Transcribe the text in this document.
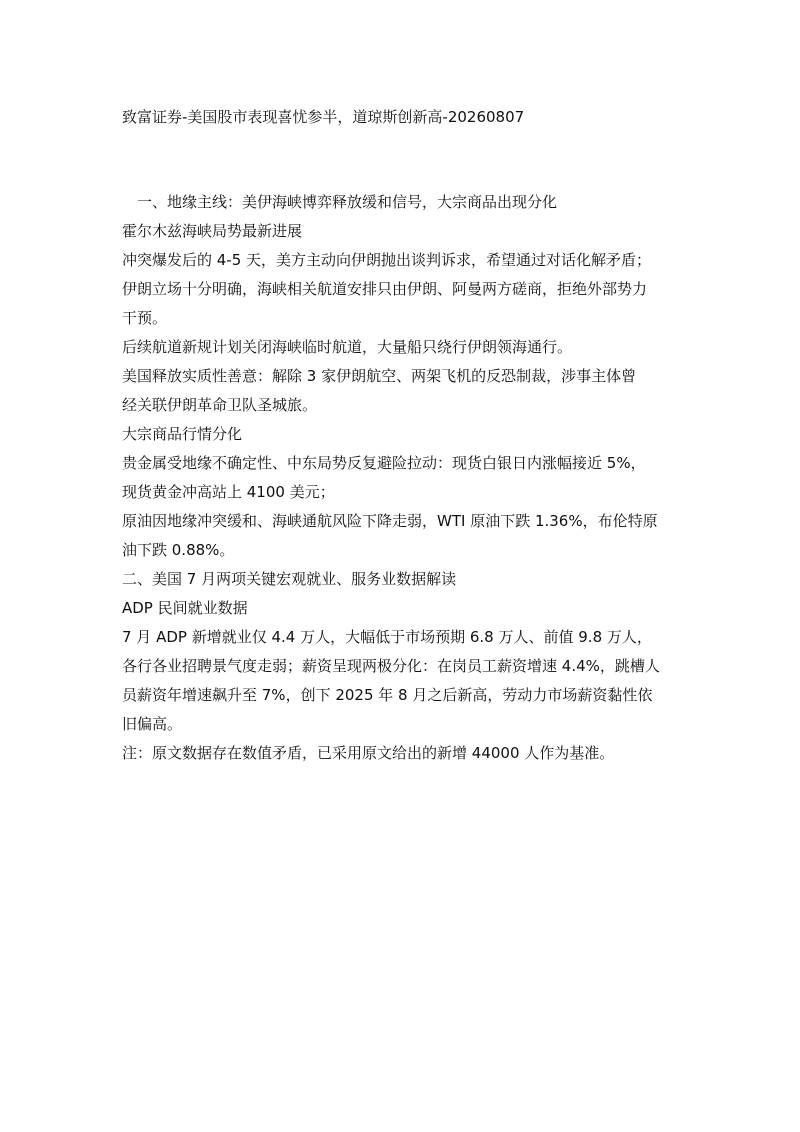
致富证券-美国股市表现喜忧参半，道琼斯创新高-20260807
一、地缘主线：美伊海峡博弈释放缓和信号，大宗商品出现分化
霍尔木兹海峡局势最新进展
冲突爆发后的 4-5 天，美方主动向伊朗抛出谈判诉求，希望通过对话化解矛盾；
伊朗立场十分明确，海峡相关航道安排只由伊朗、阿曼两方磋商，拒绝外部势力
干预。
后续航道新规计划关闭海峡临时航道，大量船只绕行伊朗领海通行。
美国释放实质性善意：解除 3 家伊朗航空、两架飞机的反恐制裁，涉事主体曾
经关联伊朗革命卫队圣城旅。
大宗商品行情分化
贵金属受地缘不确定性、中东局势反复避险拉动：现货白银日内涨幅接近 5%，
现货黄金冲高站上 4100 美元；
原油因地缘冲突缓和、海峡通航风险下降走弱，WTI 原油下跌 1.36%，布伦特原
油下跌 0.88%。
二、美国 7 月两项关键宏观就业、服务业数据解读
ADP 民间就业数据
7 月 ADP 新增就业仅 4.4 万人，大幅低于市场预期 6.8 万人、前值 9.8 万人，
各行各业招聘景气度走弱；薪资呈现两极分化：在岗员工薪资增速 4.4%，跳槽人
员薪资年增速飙升至 7%，创下 2025 年 8 月之后新高，劳动力市场薪资黏性依
旧偏高。
注：原文数据存在数值矛盾，已采用原文给出的新增 44000 人作为基准。
